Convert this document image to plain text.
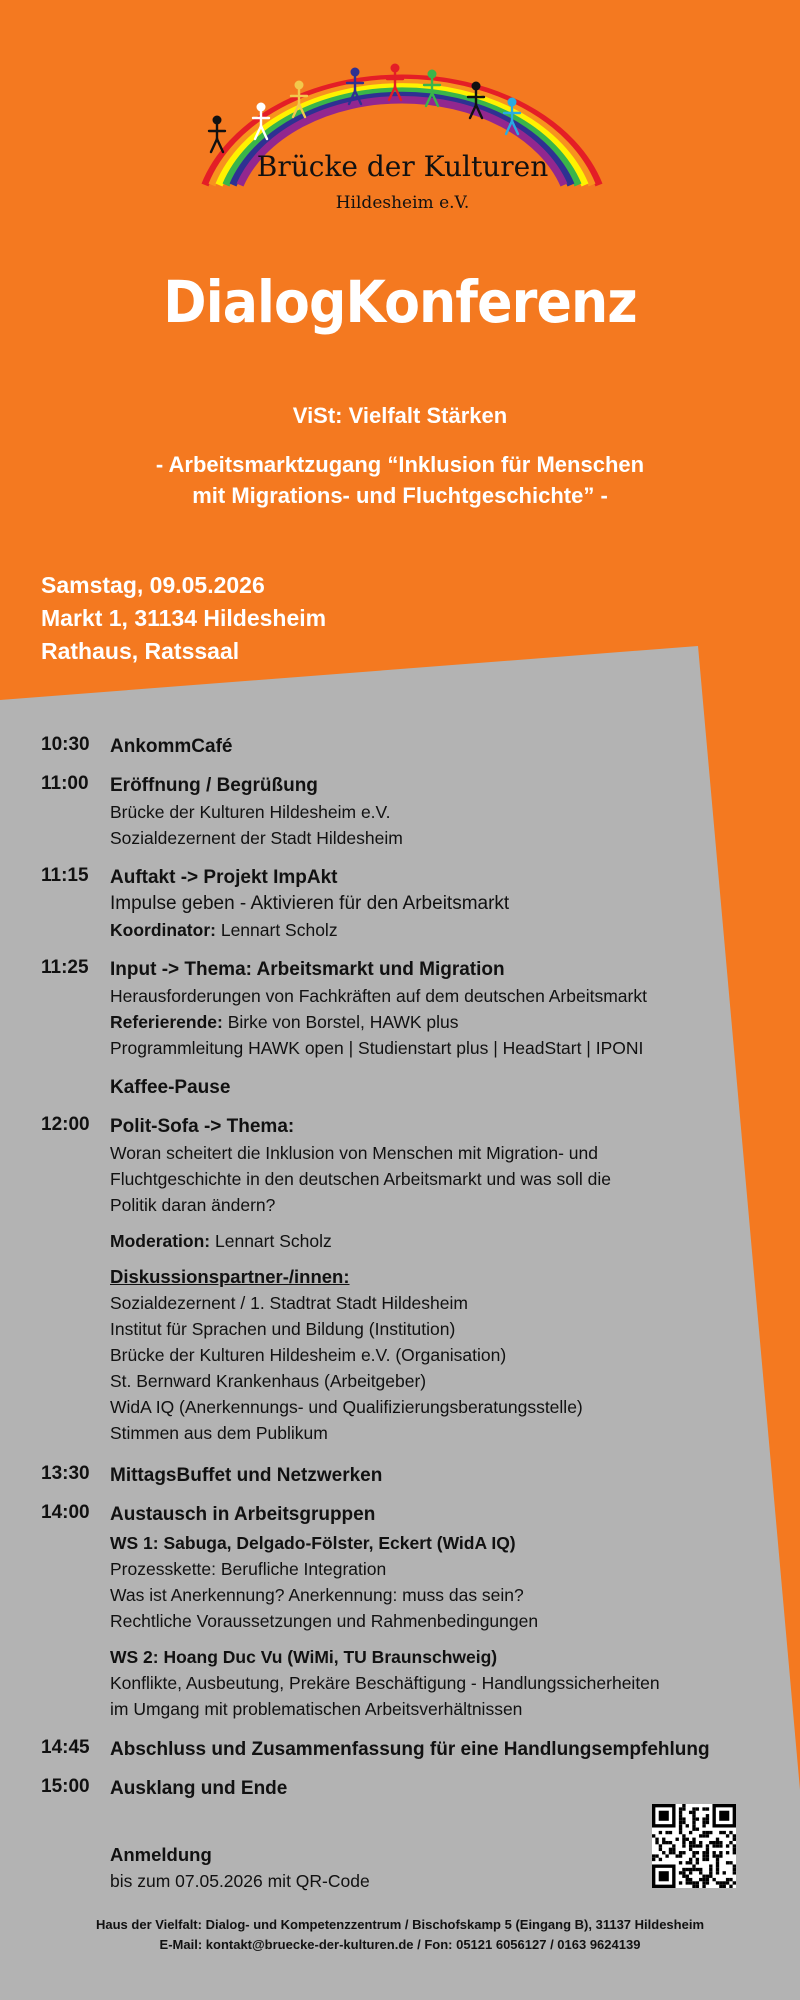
Brücke der Kulturen
Hildesheim e.V.
DialogKonferenz
ViSt: Vielfalt Stärken
- Arbeitsmarktzugang “Inklusion für Menschen
mit Migrations- und Fluchtgeschichte” -
Samstag, 09.05.2026
Markt 1, 31134 Hildesheim
Rathaus, Ratssaal
10:30 AnkommCafé
11:00 Eröffnung / Begrüßung
Brücke der Kulturen Hildesheim e.V.
Sozialdezernent der Stadt Hildesheim
11:15 Auftakt -> Projekt ImpAkt
Impulse geben - Aktivieren für den Arbeitsmarkt
Koordinator: Lennart Scholz
11:25 Input -> Thema: Arbeitsmarkt und Migration
Herausforderungen von Fachkräften auf dem deutschen Arbeitsmarkt
Referierende: Birke von Borstel, HAWK plus
Programmleitung HAWK open | Studienstart plus | HeadStart | IPONI
Kaffee-Pause
12:00 Polit-Sofa -> Thema:
Woran scheitert die Inklusion von Menschen mit Migration- und
Fluchtgeschichte in den deutschen Arbeitsmarkt und was soll die
Politik daran ändern?
Moderation: Lennart Scholz
Diskussionspartner-/innen:
Sozialdezernent / 1. Stadtrat Stadt Hildesheim
Institut für Sprachen und Bildung (Institution)
Brücke der Kulturen Hildesheim e.V. (Organisation)
St. Bernward Krankenhaus (Arbeitgeber)
WidA IQ (Anerkennungs- und Qualifizierungsberatungsstelle)
Stimmen aus dem Publikum
13:30 MittagsBuffet und Netzwerken
14:00 Austausch in Arbeitsgruppen
WS 1: Sabuga, Delgado-Fölster, Eckert (WidA IQ)
Prozesskette: Berufliche Integration
Was ist Anerkennung? Anerkennung: muss das sein?
Rechtliche Voraussetzungen und Rahmenbedingungen
WS 2: Hoang Duc Vu (WiMi, TU Braunschweig)
Konflikte, Ausbeutung, Prekäre Beschäftigung - Handlungssicherheiten
im Umgang mit problematischen Arbeitsverhältnissen
14:45 Abschluss und Zusammenfassung für eine Handlungsempfehlung
15:00 Ausklang und Ende
Anmeldung
bis zum 07.05.2026 mit QR-Code
Haus der Vielfalt: Dialog- und Kompetenzzentrum / Bischofskamp 5 (Eingang B), 31137 Hildesheim
E-Mail: kontakt@bruecke-der-kulturen.de / Fon: 05121 6056127 / 0163 9624139
